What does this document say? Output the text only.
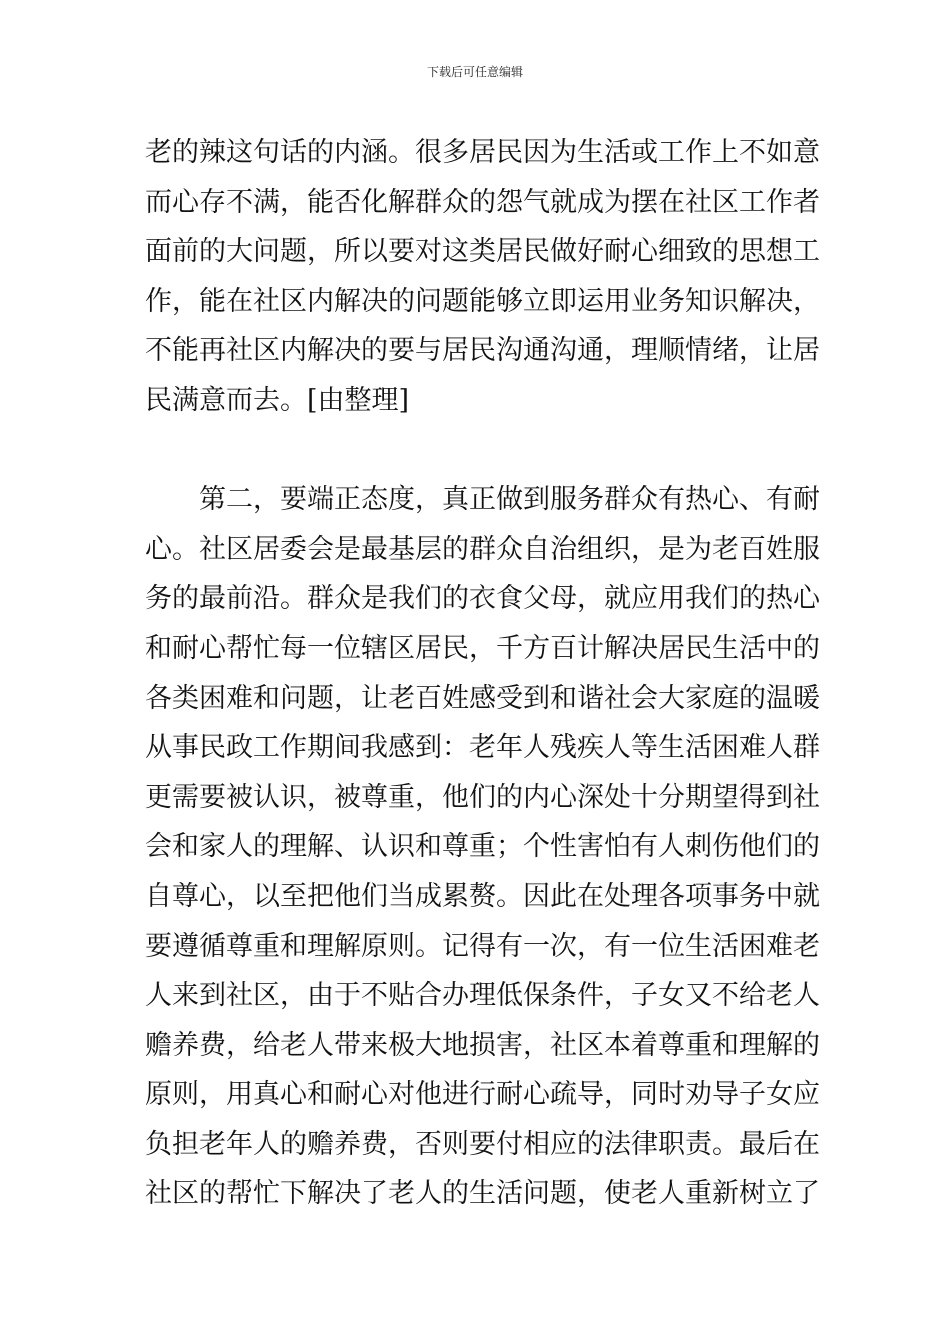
下载后可任意编辑
老的辣这句话的内涵。很多居民因为生活或工作上不如意
而心存不满，能否化解群众的怨气就成为摆在社区工作者
面前的大问题，所以要对这类居民做好耐心细致的思想工
作，能在社区内解决的问题能够立即运用业务知识解决，
不能再社区内解决的要与居民沟通沟通，理顺情绪，让居
民满意而去。[由整理]
第二，要端正态度，真正做到服务群众有热心、有耐
心。社区居委会是最基层的群众自治组织，是为老百姓服
务的最前沿。群众是我们的衣食父母，就应用我们的热心
和耐心帮忙每一位辖区居民，千方百计解决居民生活中的
各类困难和问题，让老百姓感受到和谐社会大家庭的温暖
从事民政工作期间我感到：老年人残疾人等生活困难人群
更需要被认识，被尊重，他们的内心深处十分期望得到社
会和家人的理解、认识和尊重；个性害怕有人刺伤他们的
自尊心，以至把他们当成累赘。因此在处理各项事务中就
要遵循尊重和理解原则。记得有一次，有一位生活困难老
人来到社区，由于不贴合办理低保条件，子女又不给老人
赡养费，给老人带来极大地损害，社区本着尊重和理解的
原则，用真心和耐心对他进行耐心疏导，同时劝导子女应
负担老年人的赡养费，否则要付相应的法律职责。最后在
社区的帮忙下解决了老人的生活问题，使老人重新树立了
